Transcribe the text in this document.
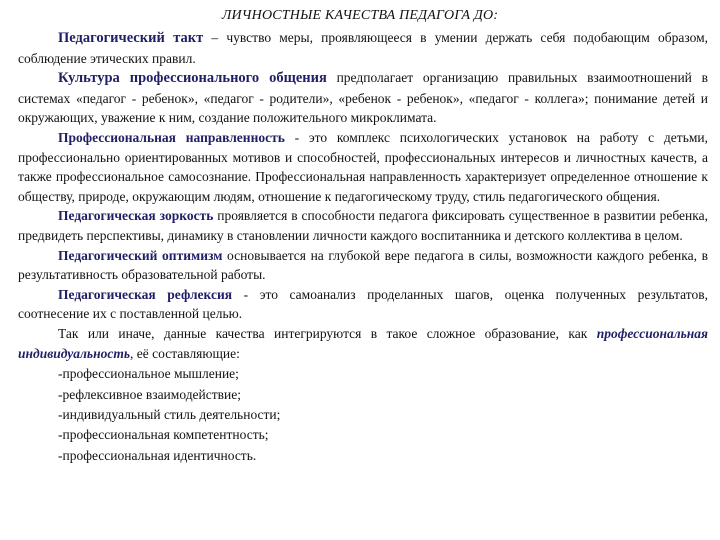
ЛИЧНОСТНЫЕ КАЧЕСТВА ПЕДАГОГА ДО:

Педагогический такт – чувство меры, проявляющееся в умении держать себя подобающим образом, соблюдение этических правил.

Культура профессионального общения предполагает организацию правильных взаимоотношений в системах «педагог - ребенок», «педагог - родители», «ребенок - ребенок», «педагог - коллега»; понимание детей и окружающих, уважение к ним, создание положительного микроклимата.

Профессиональная направленность - это комплекс психологических установок на работу с детьми, профессионально ориентированных мотивов и способностей, профессиональных интересов и личностных качеств, а также профессиональное самосознание. Профессиональная направленность характеризует определенное отношение к обществу, природе, окружающим людям, отношение к педагогическому труду, стиль педагогического общения.

Педагогическая зоркость проявляется в способности педагога фиксировать существенное в развитии ребенка, предвидеть перспективы, динамику в становлении личности каждого воспитанника и детского коллектива в целом.

Педагогический оптимизм основывается на глубокой вере педагога в силы, возможности каждого ребенка, в результативность образовательной работы.

Педагогическая рефлексия - это самоанализ проделанных шагов, оценка полученных результатов, соотнесение их с поставленной целью.

Так или иначе, данные качества интегрируются в такое сложное образование, как профессиональная индивидуальность, её составляющие:

-профессиональное мышление;
-рефлексивное взаимодействие;
-индивидуальный стиль деятельности;
-профессиональная компетентность;
-профессиональная идентичность.
